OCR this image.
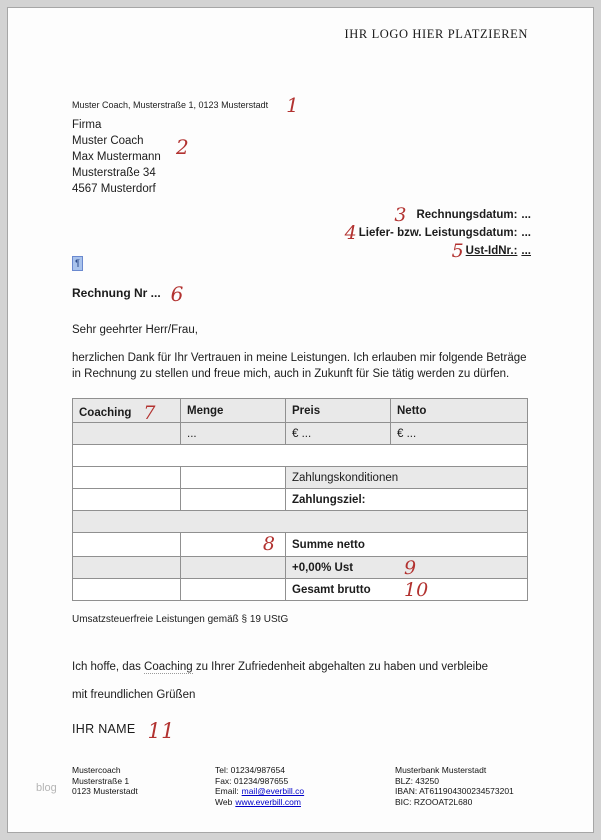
IHR LOGO HIER PLATZIEREN
Muster Coach, Musterstraße 1, 0123 Musterstadt 1
Firma
Muster Coach
Max Mustermann
Musterstraße 34
4567 Musterdorf
2
3 Rechnungsdatum: ...
4 Liefer- bzw. Leistungsdatum: ...
5 Ust-IdNr.: ...
¶
Rechnung Nr ... 6
Sehr geehrter Herr/Frau,
herzlichen Dank für Ihr Vertrauen in meine Leistungen. Ich erlauben mir folgende Beträge in Rechnung zu stellen und freue mich, auch in Zukunft für Sie tätig werden zu dürfen.
Coaching 7	Menge	Preis	Netto
	...	€ ...	€ ...

		Zahlungskonditionen	
		Zahlungsziel:	

	8	Summe netto	
		+0,00% Ust 9	

		Gesamt brutto 10	
Umsatzsteuerfreie Leistungen gemäß § 19 UStG
Ich hoffe, das Coaching zu Ihrer Zufriedenheit abgehalten zu haben und verbleibe
mit freundlichen Grüßen
IHR NAME 11
Mustercoach
Musterstraße 1
0123 Musterstadt
Tel: 01234/987654
Fax: 01234/987655
Email: mail@everbill.co
Web www.everbill.com
Musterbank Musterstadt
BLZ: 43250
IBAN: AT611904300234573201
BIC: RZOOAT2L680
blog
